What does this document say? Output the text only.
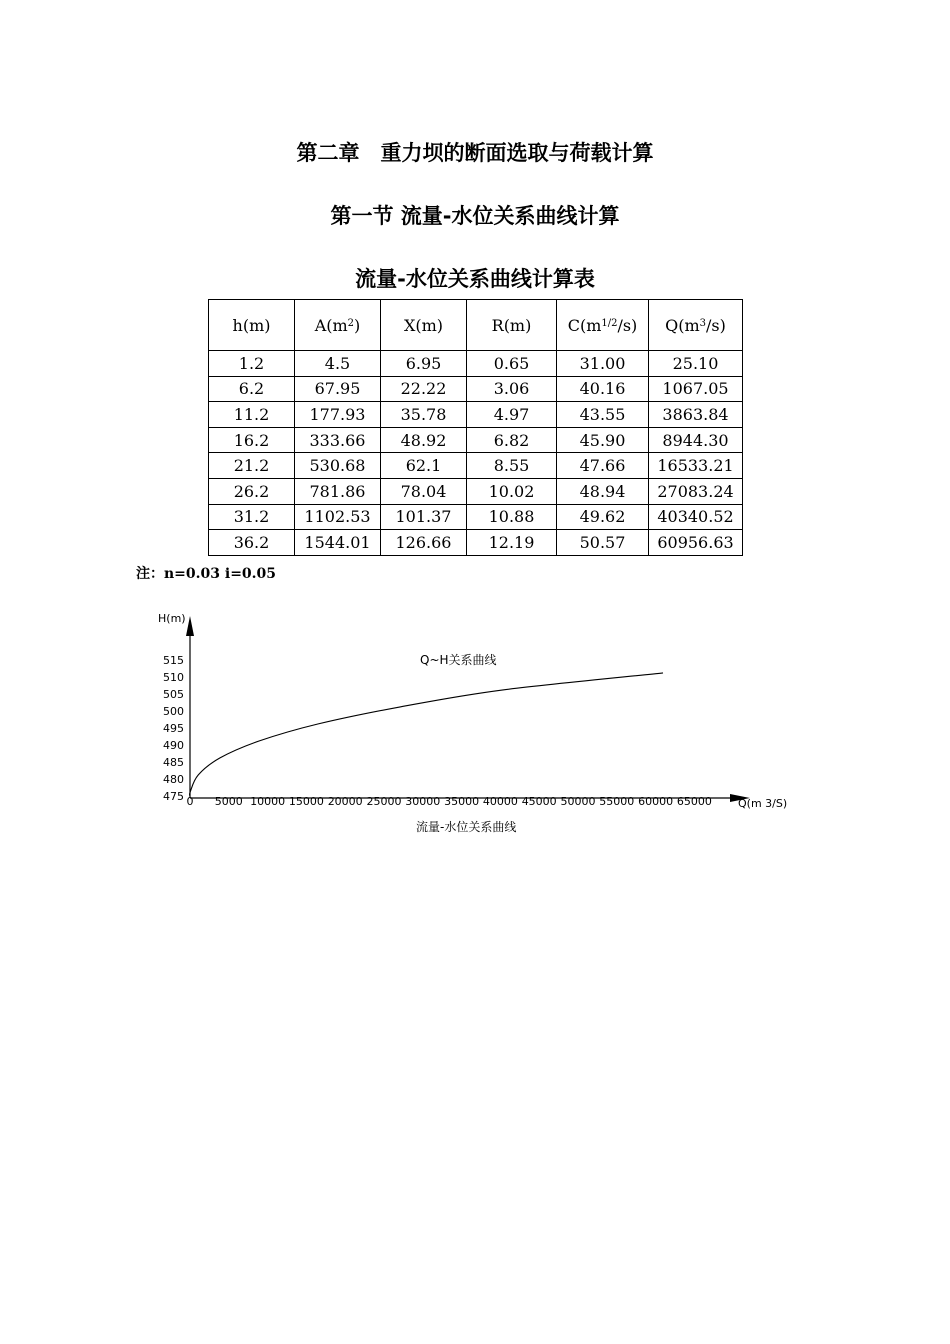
第二章　重力坝的断面选取与荷载计算
第一节 流量-水位关系曲线计算
流量-水位关系曲线计算表
h(m)	$A(m^2)$	X(m)	R(m)	$C(m^{1/2}/s)$	$Q(m^3/s)$
1.2	4.5	6.95	0.65	31.00	25.10
6.2	67.95	22.22	3.06	40.16	1067.05
11.2	177.93	35.78	4.97	43.55	3863.84
16.2	333.66	48.92	6.82	45.90	8944.30
21.2	530.68	62.1	8.55	47.66	16533.21
26.2	781.86	78.04	10.02	48.94	27083.24
31.2	1102.53	101.37	10.88	49.62	40340.52
36.2	1544.01	126.66	12.19	50.57	60956.63
注：n=0.03 i=0.05
H(m)
Q(m 3/S)
475
480
485
490
495
500
505
510
515
0 5000 10000 15000 20000 25000 30000 35000 40000 45000 50000 55000 60000 65000
Q~H关系曲线
流量-水位关系曲线
